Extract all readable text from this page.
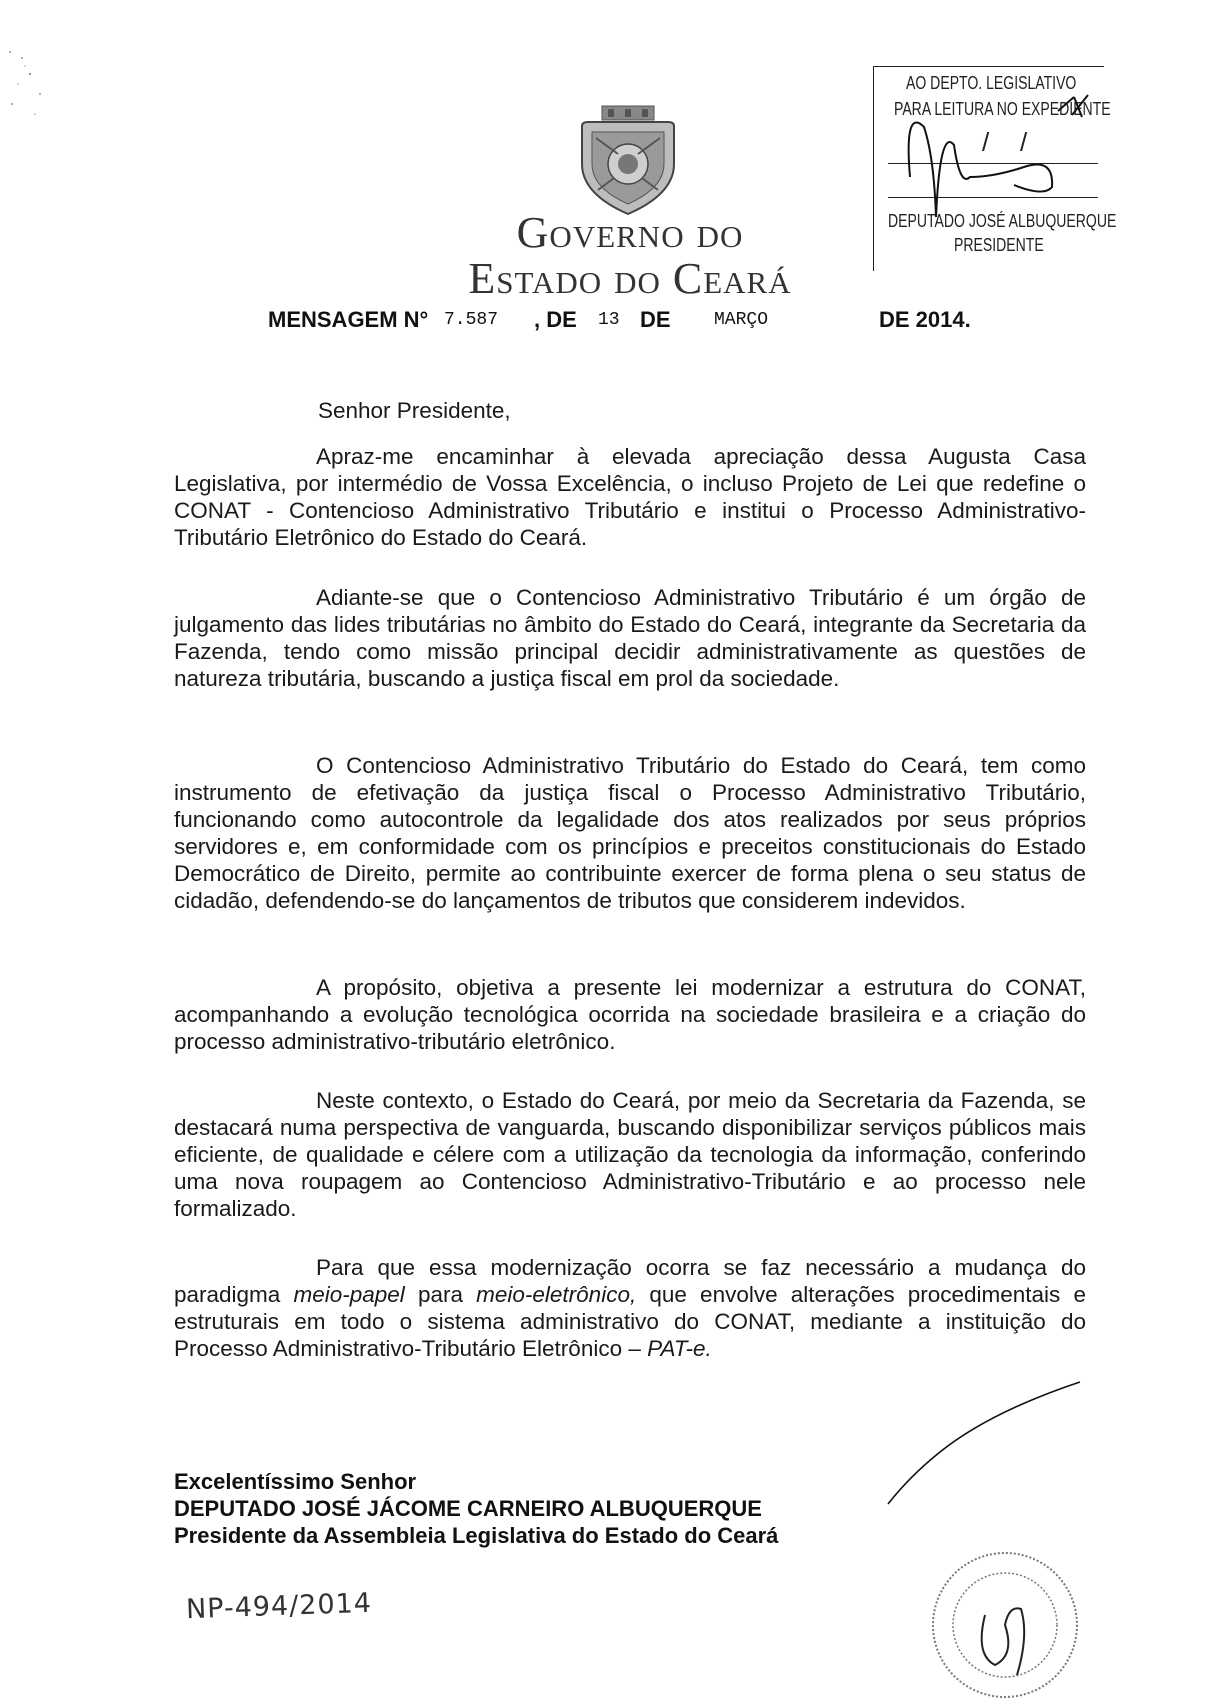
Governo do
Estado do Ceará
AO DEPTO. LEGISLATIVO
PARA LEITURA NO EXPEDIENTE
/ /
DEPUTADO JOSÉ ALBUQUERQUE
PRESIDENTE
MENSAGEM N° 7.587 , DE 13 DE MARÇO	DE 2014.
Senhor Presidente,

Apraz-me encaminhar à elevada apreciação dessa Augusta Casa Legislativa, por intermédio de Vossa Excelência, o incluso Projeto de Lei que redefine o CONAT - Contencioso Administrativo Tributário e institui o Processo Administrativo-Tributário Eletrônico do Estado do Ceará.

Adiante-se que o Contencioso Administrativo Tributário é um órgão de julgamento das lides tributárias no âmbito do Estado do Ceará, integrante da Secretaria da Fazenda, tendo como missão principal decidir administrativamente as questões de natureza tributária, buscando a justiça fiscal em prol da sociedade.

O Contencioso Administrativo Tributário do Estado do Ceará, tem como instrumento de efetivação da justiça fiscal o Processo Administrativo Tributário, funcionando como autocontrole da legalidade dos atos realizados por seus próprios servidores e, em conformidade com os princípios e preceitos constitucionais do Estado Democrático de Direito, permite ao contribuinte exercer de forma plena o seu status de cidadão, defendendo-se do lançamentos de tributos que considerem indevidos.

A propósito, objetiva a presente lei modernizar a estrutura do CONAT, acompanhando a evolução tecnológica ocorrida na sociedade brasileira e a criação do processo administrativo-tributário eletrônico.

Neste contexto, o Estado do Ceará, por meio da Secretaria da Fazenda, se destacará numa perspectiva de vanguarda, buscando disponibilizar serviços públicos mais eficiente, de qualidade e célere com a utilização da tecnologia da informação, conferindo uma nova roupagem ao Contencioso Administrativo-Tributário e ao processo nele formalizado.

Para que essa modernização ocorra se faz necessário a mudança do paradigma meio-papel para meio-eletrônico, que envolve alterações procedimentais e estruturais em todo o sistema administrativo do CONAT, mediante a instituição do Processo Administrativo-Tributário Eletrônico – PAT-e.

Excelentíssimo Senhor
DEPUTADO JOSÉ JÁCOME CARNEIRO ALBUQUERQUE
Presidente da Assembleia Legislativa do Estado do Ceará
NP-494/2014
